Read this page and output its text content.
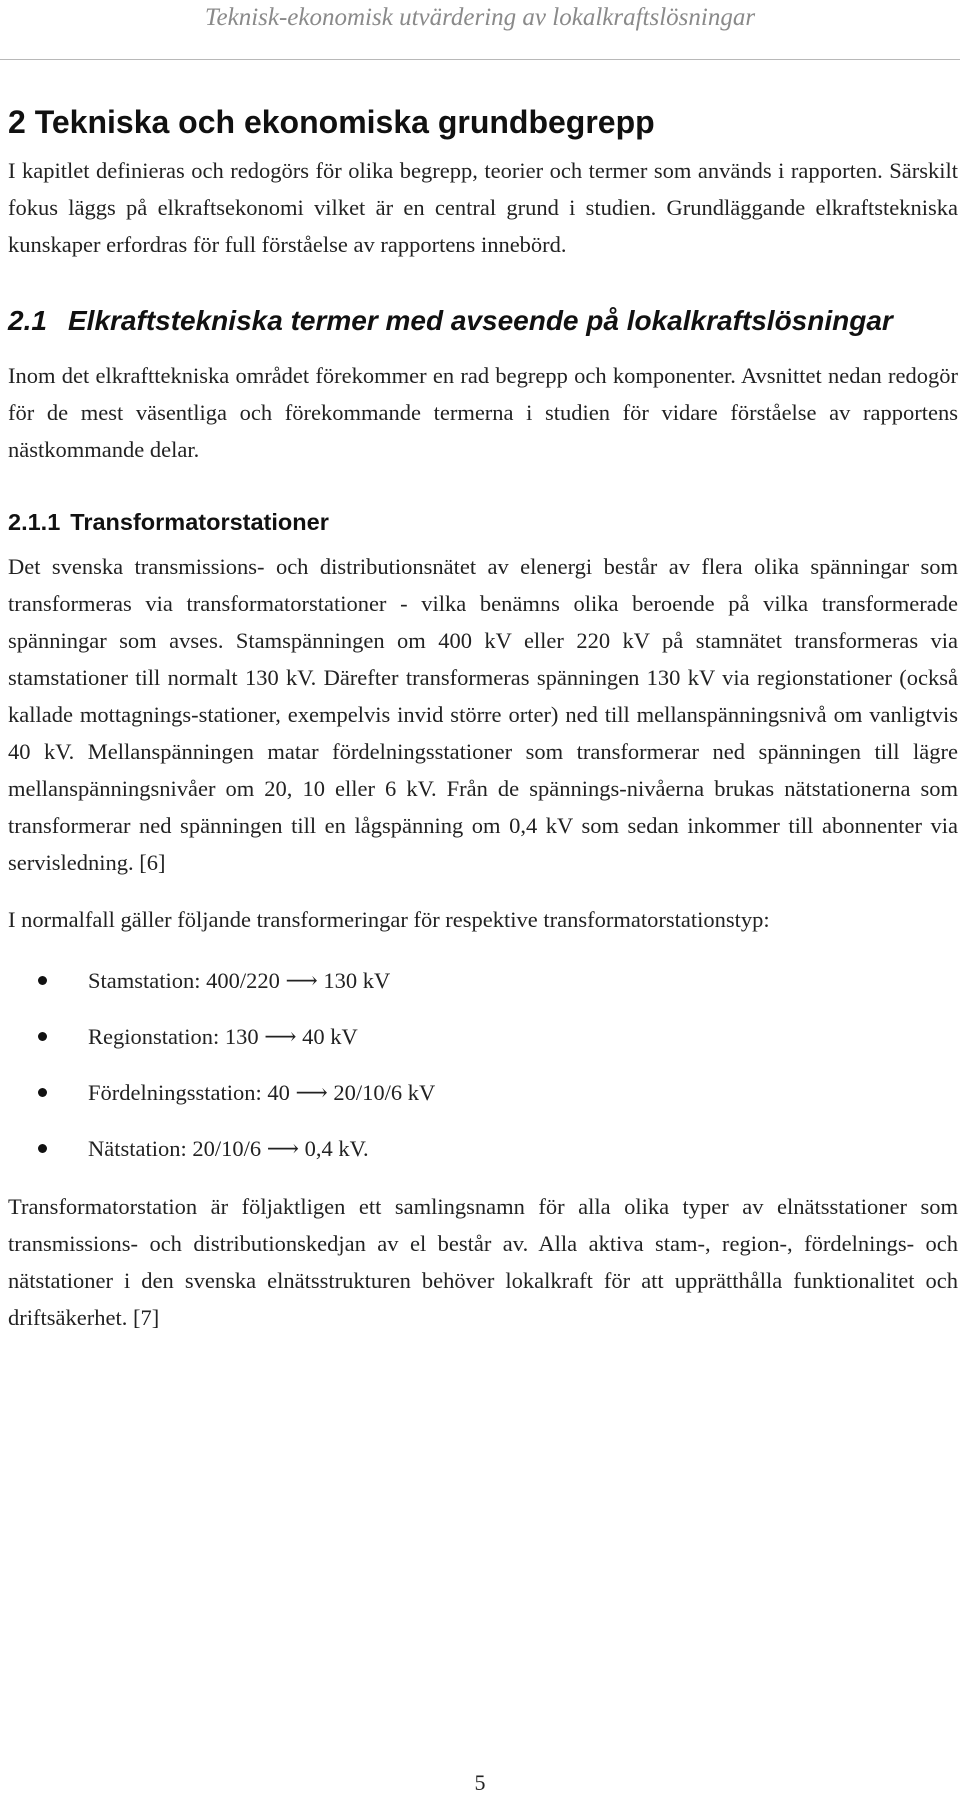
Teknisk-ekonomisk utvärdering av lokalkraftslösningar
2 Tekniska och ekonomiska grundbegrepp

I kapitlet definieras och redogörs för olika begrepp, teorier och termer som används i rapporten. Särskilt fokus läggs på elkraftsekonomi vilket är en central grund i studien. Grundläggande elkraftstekniska kunskaper erfordras för full förståelse av rapportens innebörd.

2.1 Elkraftstekniska termer med avseende på lokalkraftslösningar

Inom det elkrafttekniska området förekommer en rad begrepp och komponenter. Avsnittet nedan redogör för de mest väsentliga och förekommande termerna i studien för vidare förståelse av rapportens nästkommande delar.

2.1.1 Transformatorstationer

Det svenska transmissions- och distributionsnätet av elenergi består av flera olika spänningar som transformeras via transformatorstationer - vilka benämns olika beroende på vilka transformerade spänningar som avses. Stamspänningen om 400 kV eller 220 kV på stamnätet transformeras via stamstationer till normalt 130 kV. Därefter transformeras spänningen 130 kV via regionstationer (också kallade mottagnings-stationer, exempelvis invid större orter) ned till mellanspänningsnivå om vanligtvis 40 kV. Mellanspänningen matar fördelningsstationer som transformerar ned spänningen till lägre mellanspänningsnivåer om 20, 10 eller 6 kV. Från de spännings-nivåerna brukas nätstationerna som transformerar ned spänningen till en lågspänning om 0,4 kV som sedan inkommer till abonnenter via servisledning. [6]

I normalfall gäller följande transformeringar för respektive transformatorstationstyp:

Stamstation: 400/220 ⟶ 130 kV
Regionstation: 130 ⟶ 40 kV
Fördelningsstation: 40 ⟶ 20/10/6 kV
Nätstation: 20/10/6 ⟶ 0,4 kV.

Transformatorstation är följaktligen ett samlingsnamn för alla olika typer av elnätsstationer som transmissions- och distributionskedjan av el består av. Alla aktiva stam-, region-, fördelnings- och nätstationer i den svenska elnätsstrukturen behöver lokalkraft för att upprätthålla funktionalitet och driftsäkerhet. [7]

5
